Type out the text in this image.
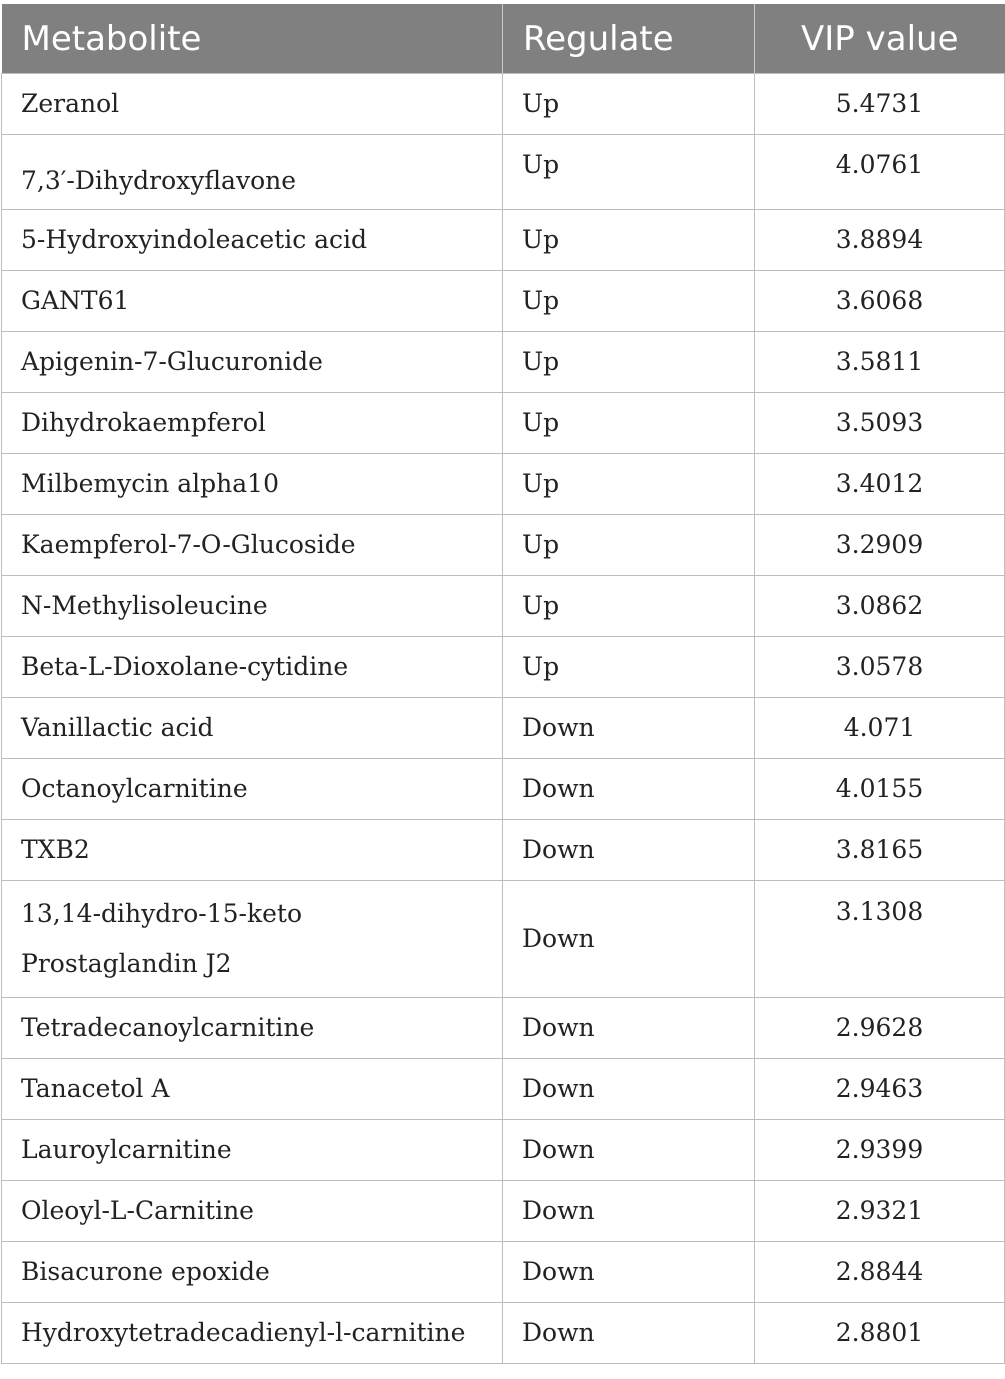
Metabolite	Regulate	VIP value
Zeranol	Up	5.4731
7,3′-Dihydroxyflavone	Up	4.0761
5-Hydroxyindoleacetic acid	Up	3.8894
GANT61	Up	3.6068
Apigenin-7-Glucuronide	Up	3.5811
Dihydrokaempferol	Up	3.5093
Milbemycin alpha10	Up	3.4012
Kaempferol-7-O-Glucoside	Up	3.2909
N-Methylisoleucine	Up	3.0862
Beta-L-Dioxolane-cytidine	Up	3.0578
Vanillactic acid	Down	4.071
Octanoylcarnitine	Down	4.0155
TXB2	Down	3.8165
13,14-dihydro-15-keto Prostaglandin J2	Down	3.1308
Tetradecanoylcarnitine	Down	2.9628
Tanacetol A	Down	2.9463
Lauroylcarnitine	Down	2.9399
Oleoyl-L-Carnitine	Down	2.9321
Bisacurone epoxide	Down	2.8844
Hydroxytetradecadienyl-l-carnitine	Down	2.8801
